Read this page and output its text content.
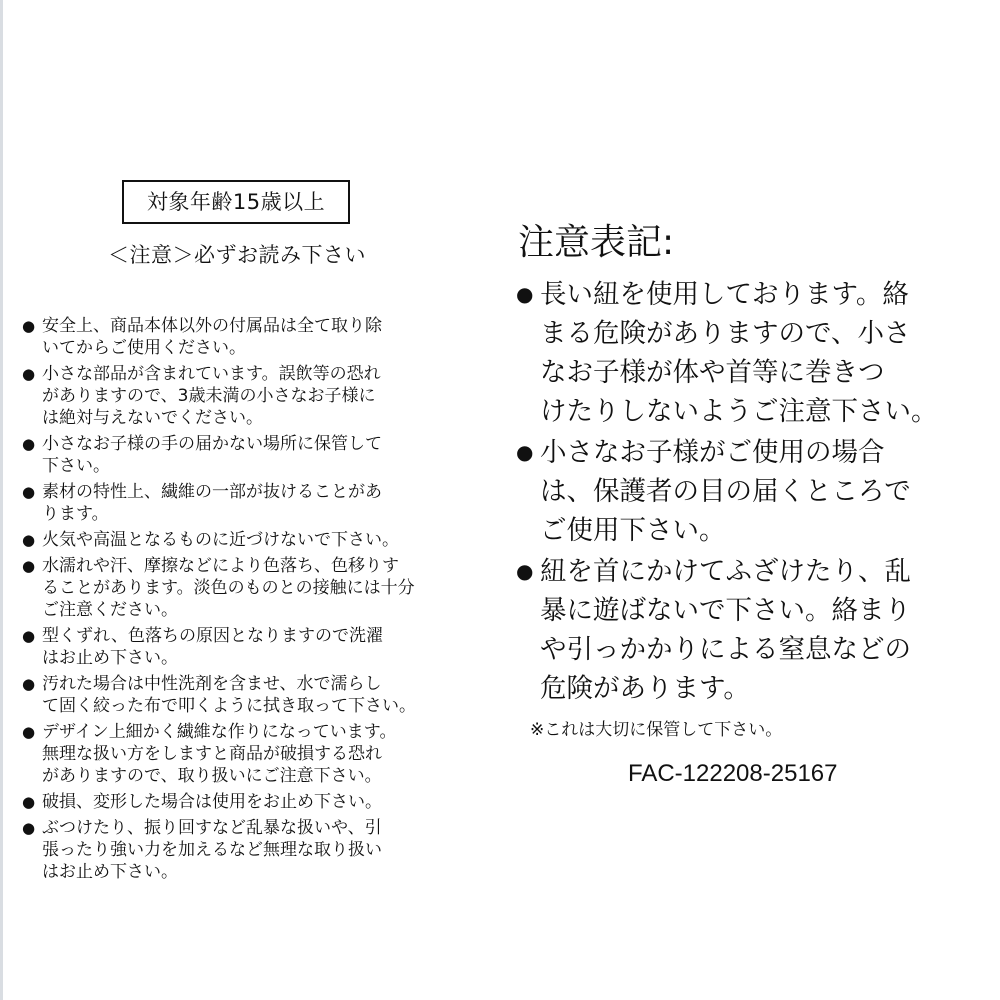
対象年齢15歳以上
＜注意＞必ずお読み下さい
● 安全上、商品本体以外の付属品は全て取り除
いてからご使用ください。
● 小さな部品が含まれています。誤飲等の恐れ
がありますので、3歳未満の小さなお子様に
は絶対与えないでください。
● 小さなお子様の手の届かない場所に保管して
下さい。
● 素材の特性上、繊維の一部が抜けることがあ
ります。
● 火気や高温となるものに近づけないで下さい。
● 水濡れや汗、摩擦などにより色落ち、色移りす
ることがあります。淡色のものとの接触には十分
ご注意ください。
● 型くずれ、色落ちの原因となりますので洗濯
はお止め下さい。
● 汚れた場合は中性洗剤を含ませ、水で濡らし
て固く絞った布で叩くように拭き取って下さい。
● デザイン上細かく繊維な作りになっています。
無理な扱い方をしますと商品が破損する恐れ
がありますので、取り扱いにご注意下さい。
● 破損、変形した場合は使用をお止め下さい。
● ぶつけたり、振り回すなど乱暴な扱いや、引
張ったり強い力を加えるなど無理な取り扱い
はお止め下さい。
注意表記:
● 長い紐を使用しております。絡
まる危険がありますので、小さ
なお子様が体や首等に巻きつ
けたりしないようご注意下さい。
● 小さなお子様がご使用の場合
は、保護者の目の届くところで
ご使用下さい。
● 紐を首にかけてふざけたり、乱
暴に遊ばないで下さい。絡まり
や引っかかりによる窒息などの
危険があります。
※これは大切に保管して下さい。
FAC-122208-25167
